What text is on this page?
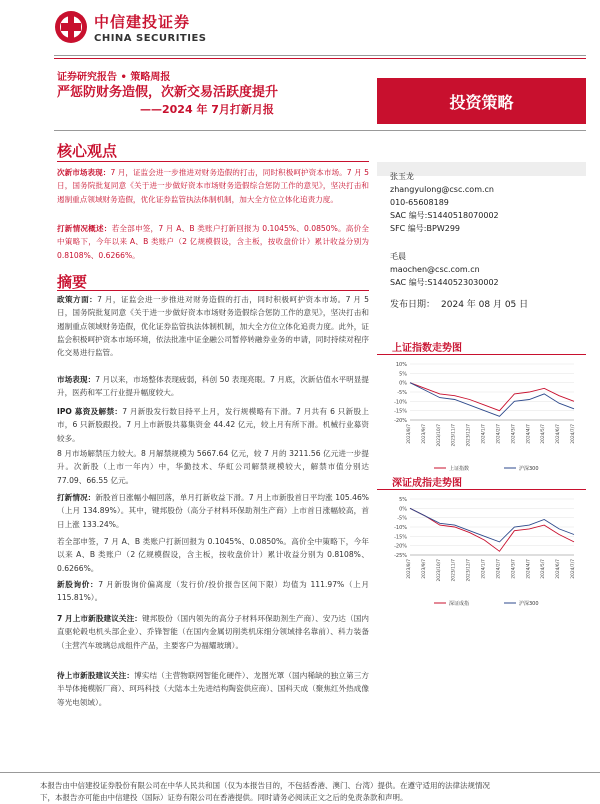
中信建投证券
CHINA SECURITIES
证券研究报告 • 策略周报
严惩防财务造假，次新交易活跃度提升
——2024 年 7月打新月报	投资策略
核心观点
次新市场表现：7 月，证监会进一步推进对财务造假的打击，同时积极呵护资本市场。7 月 5 日，国务院批复同意《关于进一步做好资本市场财务造假综合惩防工作的意见》，坚决打击和遏制重点领域财务造假，优化证券监管执法体制机制，加大全方位立体化追责力度。
打新情况概述：若全部申签，7 月 A、B 类账户打新回报为 0.1045%、0.0850%。高价全中策略下，今年以来 A、B 类账户（2 亿规模假设，含主板，按收盘价计）累计收益分别为 0.8108%、0.6266%。
摘要
政策方面：7 月，证监会进一步推进对财务造假的打击，同时积极呵护资本市场。7 月 5 日，国务院批复同意《关于进一步做好资本市场财务造假综合惩防工作的意见》，坚决打击和遏制重点领域财务造假，优化证券监管执法体制机制，加大全方位立体化追责力度。此外，证监会积极呵护资本市场环境，依法批准中证金融公司暂停转融券业务的申请，同时持续对程序化交易进行监管。
市场表现：7 月以来，市场整体表现疲弱，科创 50 表现亮眼。7 月底，次新估值水平明显提升，医药和军工行业提升幅度较大。
IPO 募资及解禁：7 月新股发行数目持平上月，发行规模略有下滑。7 月共有 6 只新股上市，6 只新股跟投。7 月上市新股共募集资金 44.42 亿元，较上月有所下滑。机械行业募资较多。
8 月市场解禁压力较大。8 月解禁规模为 5667.64 亿元，较 7 月的 3211.56 亿元进一步提升。次新股（上市一年内）中，华勤技术、华虹公司解禁规模较大，解禁市值分别达 77.09、66.55 亿元。
打新情况：新股首日涨幅小幅回落，单月打新收益下滑。7 月上市新股首日平均涨 105.46%（上月 134.89%）。其中，键邦股份（高分子材料环保助剂生产商）上市首日涨幅较高，首日上涨 133.24%。
若全部申签，7 月 A、B 类账户打新回报为 0.1045%、0.0850%。高价全中策略下，今年以来 A、B 类账户（2 亿规模假设，含主板，按收盘价计）累计收益分别为 0.8108%、0.6266%。
新股询价：7 月新股询价偏离度（发行价/投价报告区间下限）均值为 111.97%（上月 115.81%）。
7 月上市新股建议关注：键邦股份（国内领先的高分子材料环保助剂生产商）、安乃达（国内直驱轮毂电机头部企业）、乔锋智能（在国内金属切削类机床细分领域排名靠前）、科力装备（主营汽车玻璃总成组件产品，主要客户为福耀玻璃）。
待上市新股建议关注：博实结（主营物联网智能化硬件）、龙图光罩（国内稀缺的独立第三方半导体掩模版厂商）、珂玛科技（大陆本土先进结构陶瓷供应商）、国科天成（聚焦红外热成像等光电领域）。
张玉龙
zhangyulong@csc.com.cn
010-65608189
SAC 编号:S1440518070002
SFC 编号:BPW299
毛晨
maochen@csc.com.cn
SAC 编号:S1440523030002
发布日期： 2024 年 08 月 05 日
上证指数走势图
10%
5%
0%
-5%
-10%
-15%
-20%
2023/8/7 2023/9/7 2023/10/7 2023/11/7 2023/12/7 2024/1/7 2024/2/7 2024/3/7 2024/4/7 2024/5/7 2024/6/7 2024/7/7
上证指数	沪深300
深证成指走势图
5%
0%
-5%
-10%
-15%
-20%
-25%
2023/8/7 2023/9/7 2023/10/7 2023/11/7 2023/12/7 2024/1/7 2024/2/7 2024/3/7 2024/4/7 2024/5/7 2024/6/7 2024/7/7
深证成指	沪深300
本报告由中信建投证券股份有限公司在中华人民共和国（仅为本报告目的，不包括香港、澳门、台湾）提供。在遵守适用的法律法规情况
下，本报告亦可能由中信建投（国际）证券有限公司在香港提供。同时请务必阅读正文之后的免责条款和声明。
